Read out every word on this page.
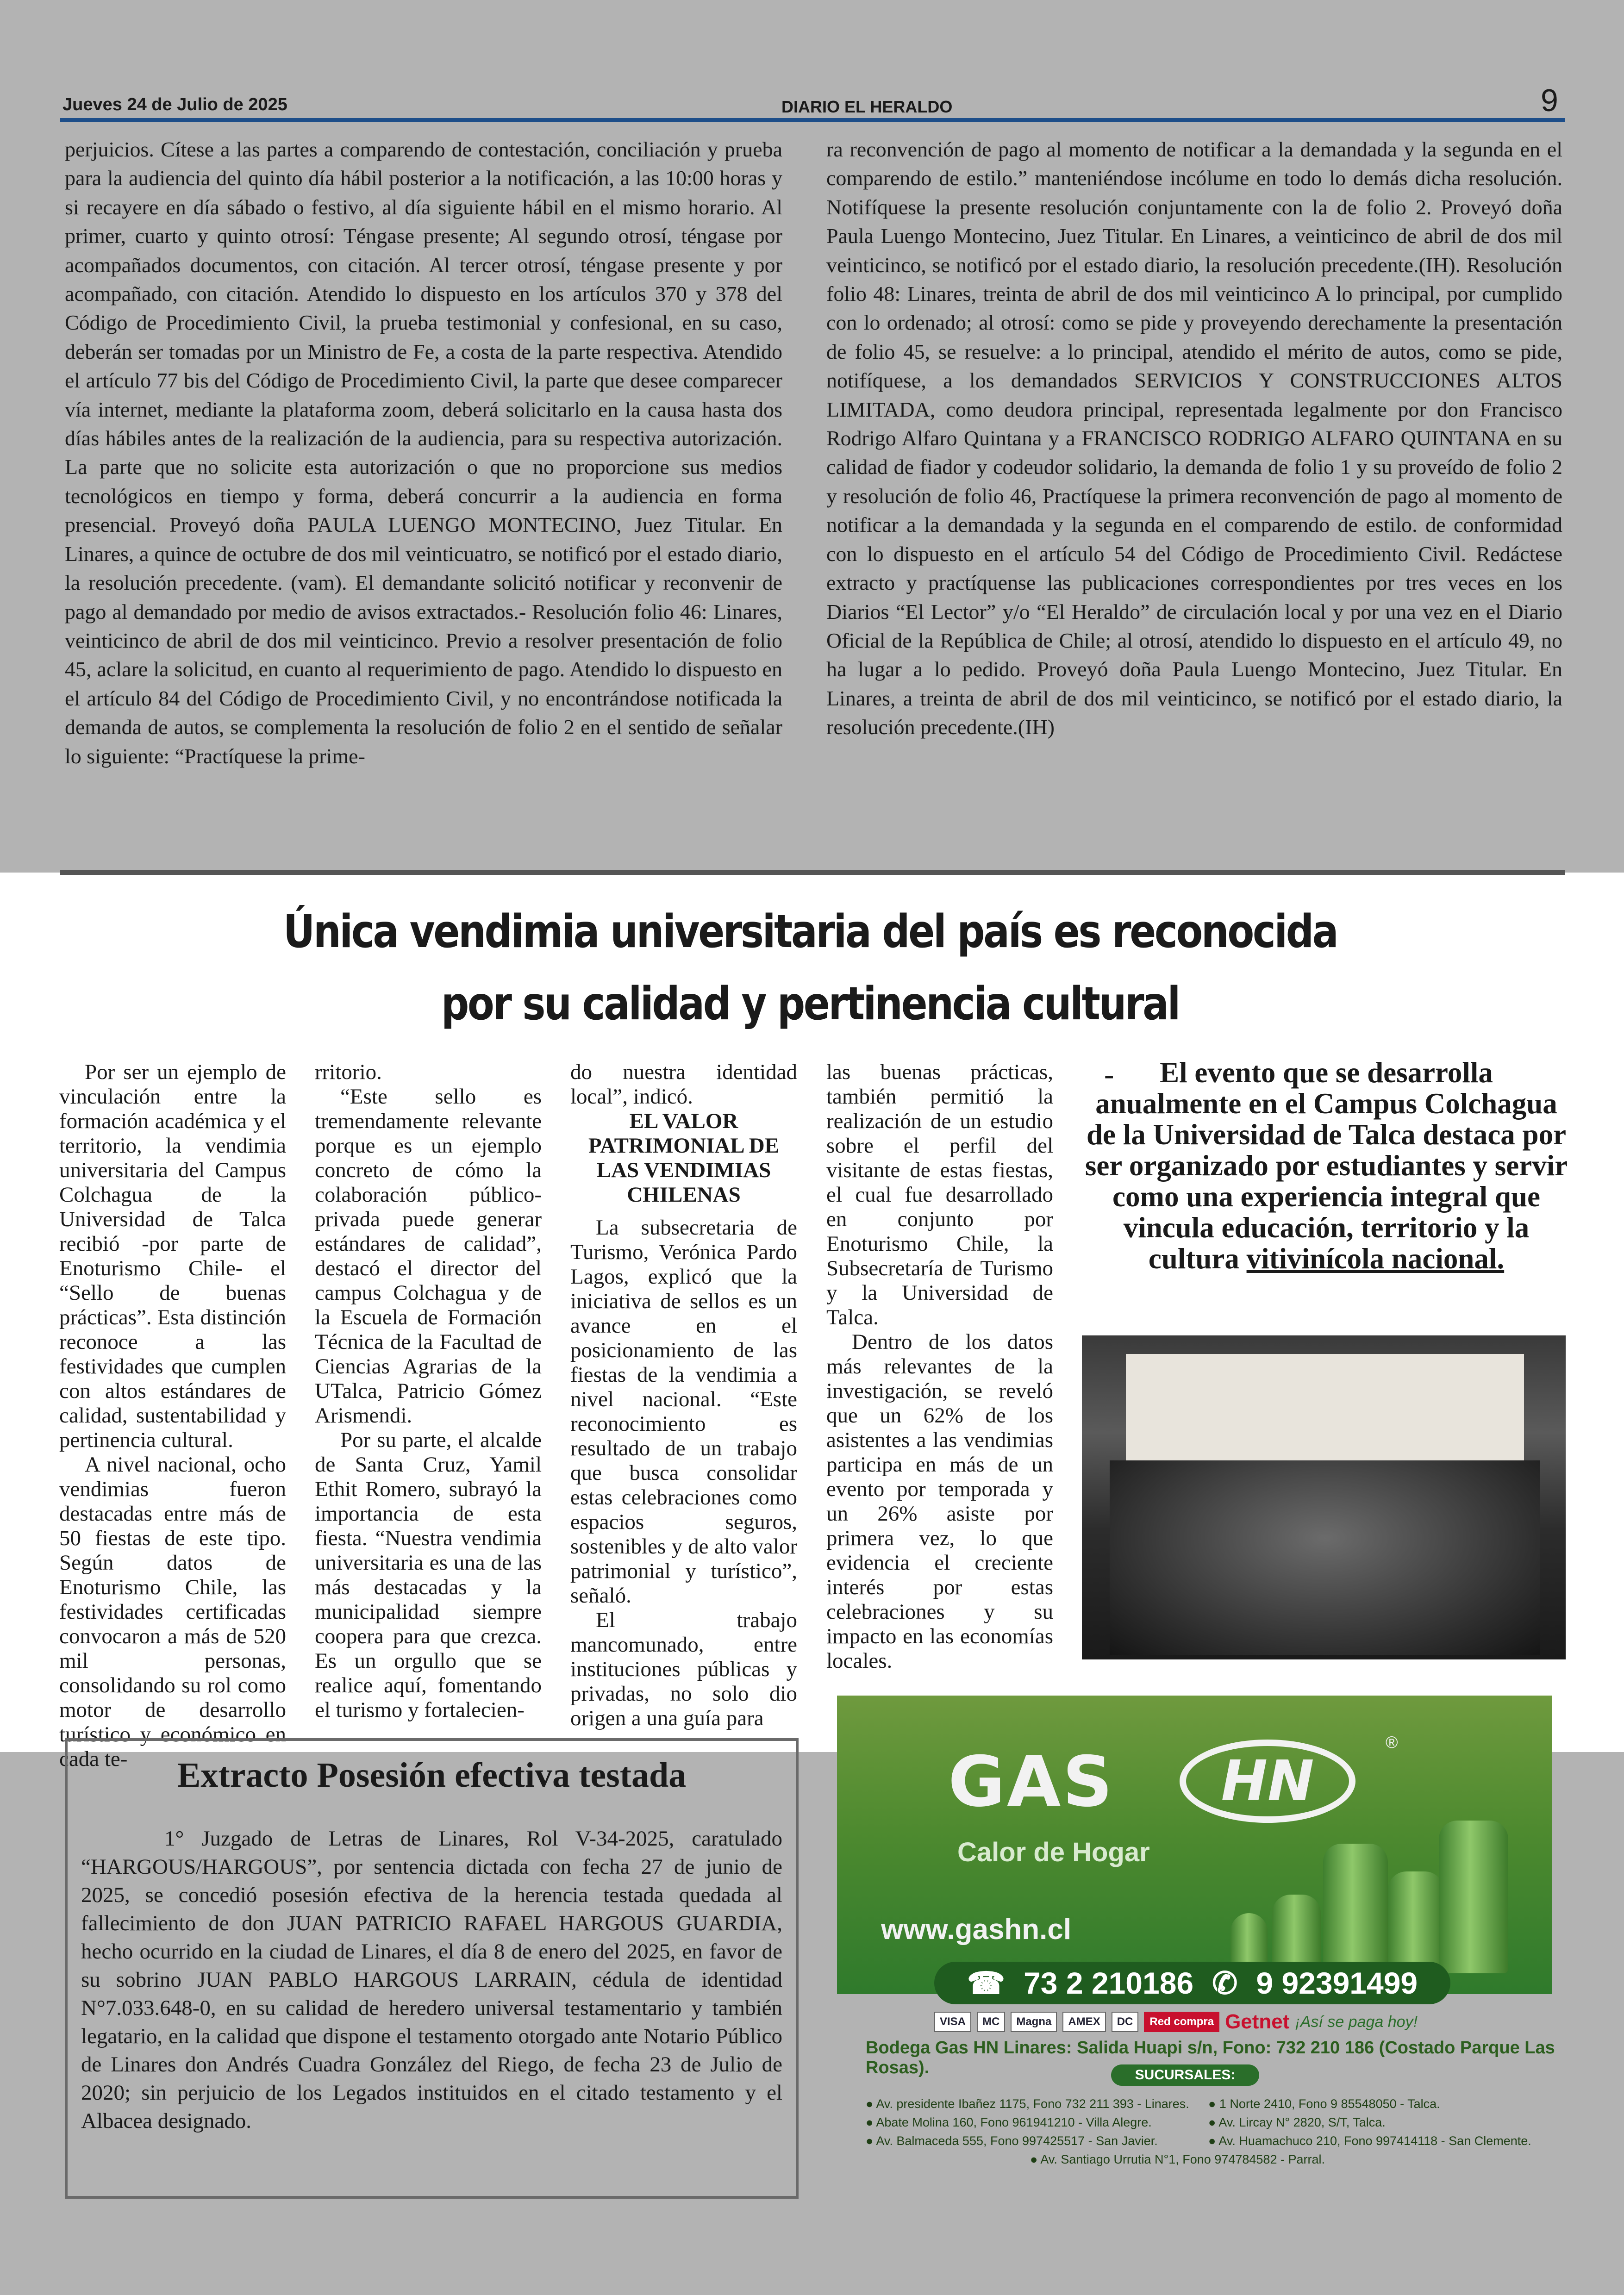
Jueves 24 de Julio de 2025	DIARIO EL HERALDO	9
perjuicios. Cítese a las partes a comparendo de contestación, conciliación y prueba para la audiencia del quinto día hábil posterior a la notificación, a las 10:00 horas y si recayere en día sábado o festivo, al día siguiente hábil en el mismo horario. Al primer, cuarto y quinto otrosí: Téngase presente; Al segundo otrosí, téngase por acompañados documentos, con citación. Al tercer otrosí, téngase presente y por acompañado, con citación. Atendido lo dispuesto en los artículos 370 y 378 del Código de Procedimiento Civil, la prueba testimonial y confesional, en su caso, deberán ser tomadas por un Ministro de Fe, a costa de la parte respectiva. Atendido el artículo 77 bis del Código de Procedimiento Civil, la parte que desee comparecer vía internet, mediante la plataforma zoom, deberá solicitarlo en la causa hasta dos días hábiles antes de la realización de la audiencia, para su respectiva autorización. La parte que no solicite esta autorización o que no proporcione sus medios tecnológicos en tiempo y forma, deberá concurrir a la audiencia en forma presencial. Proveyó doña PAULA LUENGO MONTECINO, Juez Titular. En Linares, a quince de octubre de dos mil veinticuatro, se notificó por el estado diario, la resolución precedente. (vam). El demandante solicitó notificar y reconvenir de pago al demandado por medio de avisos extractados.- Resolución folio 46: Linares, veinticinco de abril de dos mil veinticinco. Previo a resolver presentación de folio 45, aclare la solicitud, en cuanto al requerimiento de pago. Atendido lo dispuesto en el artículo 84 del Código de Procedimiento Civil, y no encontrándose notificada la demanda de autos, se complementa la resolución de folio 2 en el sentido de señalar lo siguiente: “Practíquese la prime-
ra reconvención de pago al momento de notificar a la demandada y la segunda en el comparendo de estilo.” manteniéndose incólume en todo lo demás dicha resolución. Notifíquese la presente resolución conjuntamente con la de folio 2. Proveyó doña Paula Luengo Montecino, Juez Titular. En Linares, a veinticinco de abril de dos mil veinticinco, se notificó por el estado diario, la resolución precedente.(IH). Resolución folio 48: Linares, treinta de abril de dos mil veinticinco A lo principal, por cumplido con lo ordenado; al otrosí: como se pide y proveyendo derechamente la presentación de folio 45, se resuelve: a lo principal, atendido el mérito de autos, como se pide, notifíquese, a los demandados SERVICIOS Y CONSTRUCCIONES ALTOS LIMITADA, como deudora principal, representada legalmente por don Francisco Rodrigo Alfaro Quintana y a FRANCISCO RODRIGO ALFARO QUINTANA en su calidad de fiador y codeudor solidario, la demanda de folio 1 y su proveído de folio 2 y resolución de folio 46, Practíquese la primera reconvención de pago al momento de notificar a la demandada y la segunda en el comparendo de estilo. de conformidad con lo dispuesto en el artículo 54 del Código de Procedimiento Civil. Redáctese extracto y practíquense las publicaciones correspondientes por tres veces en los Diarios “El Lector” y/o “El Heraldo” de circulación local y por una vez en el Diario Oficial de la República de Chile; al otrosí, atendido lo dispuesto en el artículo 49, no ha lugar a lo pedido. Proveyó doña Paula Luengo Montecino, Juez Titular. En Linares, a treinta de abril de dos mil veinticinco, se notificó por el estado diario, la resolución precedente.(IH)
Única vendimia universitaria del país es reconocida
por su calidad y pertinencia cultural

Por ser un ejemplo de vinculación entre la formación académica y el territorio, la vendimia universitaria del Campus Colchagua de la Universidad de Talca recibió -por parte de Enoturismo Chile- el “Sello de buenas prácticas”. Esta distinción reconoce a las festividades que cumplen con altos estándares de calidad, sustentabilidad y pertinencia cultural.

A nivel nacional, ocho vendimias fueron destacadas entre más de 50 fiestas de este tipo. Según datos de Enoturismo Chile, las festividades certificadas convocaron a más de 520 mil personas, consolidando su rol como motor de desarrollo turístico y económico en cada te-

rritorio.

“Este sello es tremendamente relevante porque es un ejemplo concreto de cómo la colaboración público-privada puede generar estándares de calidad”, destacó el director del campus Colchagua y de la Escuela de Formación Técnica de la Facultad de Ciencias Agrarias de la UTalca, Patricio Gómez Arismendi.

Por su parte, el alcalde de Santa Cruz, Yamil Ethit Romero, subrayó la importancia de esta fiesta. “Nuestra vendimia universitaria es una de las más destacadas y la municipalidad siempre coopera para que crezca. Es un orgullo que se realice aquí, fomentando el turismo y fortalecien-

do nuestra identidad local”, indicó.

EL VALOR PATRIMONIAL DE LAS VENDIMIAS CHILENAS

La subsecretaria de Turismo, Verónica Pardo Lagos, explicó que la iniciativa de sellos es un avance en el posicionamiento de las fiestas de la vendimia a nivel nacional. “Este reconocimiento es resultado de un trabajo que busca consolidar estas celebraciones como espacios seguros, sostenibles y de alto valor patrimonial y turístico”, señaló.

El trabajo mancomunado, entre instituciones públicas y privadas, no solo dio origen a una guía para

las buenas prácticas, también permitió la realización de un estudio sobre el perfil del visitante de estas fiestas, el cual fue desarrollado en conjunto por Enoturismo Chile, la Subsecretaría de Turismo y la Universidad de Talca.

Dentro de los datos más relevantes de la investigación, se reveló que un 62% de los asistentes a las vendimias participa en más de un evento por temporada y un 26% asiste por primera vez, lo que evidencia el creciente interés por estas celebraciones y su impacto en las economías locales.

-	El evento que se desarrolla anualmente en el Campus Colchagua de la Universidad de Talca destaca por ser organizado por estudiantes y servir como una experiencia integral que vincula educación, territorio y la cultura vitivinícola nacional.
Extracto Posesión efectiva testada
1° Juzgado de Letras de Linares, Rol V-34-2025, caratulado “HARGOUS/HARGOUS”, por sentencia dictada con fecha 27 de junio de 2025, se concedió posesión efectiva de la herencia testada quedada al fallecimiento de don JUAN PATRICIO RAFAEL HARGOUS GUARDIA, hecho ocurrido en la ciudad de Linares, el día 8 de enero del 2025, en favor de su sobrino JUAN PABLO HARGOUS LARRAIN, cédula de identidad N°7.033.648-0, en su calidad de heredero universal testamentario y también legatario, en la calidad que dispone el testamento otorgado ante Notario Público de Linares don Andrés Cuadra González del Riego, de fecha 23 de Julio de 2020; sin perjuicio de los Legados instituidos en el citado testamento y el Albacea designado.
GAS HN
®
Calor de Hogar
www.gashn.cl
☎ 73 2 210186 ✆ 9 92391499
VISA	MC	Magna	AMEX	DC	Red compra Getnet ¡Así se paga hoy!
Bodega Gas HN Linares: Salida Huapi s/n, Fono: 732 210 186 (Costado Parque Las Rosas).	SUCURSALES:
● Av. presidente Ibañez 1175, Fono 732 211 393 - Linares.
● Abate Molina 160, Fono 961941210 - Villa Alegre.
● Av. Balmaceda 555, Fono 997425517 - San Javier.
● 1 Norte 2410, Fono 9 85548050 - Talca.
● Av. Lircay N° 2820, S/T, Talca.
● Av. Huamachuco 210, Fono 997414118 - San Clemente.
● Av. Santiago Urrutia N°1, Fono 974784582 - Parral.
